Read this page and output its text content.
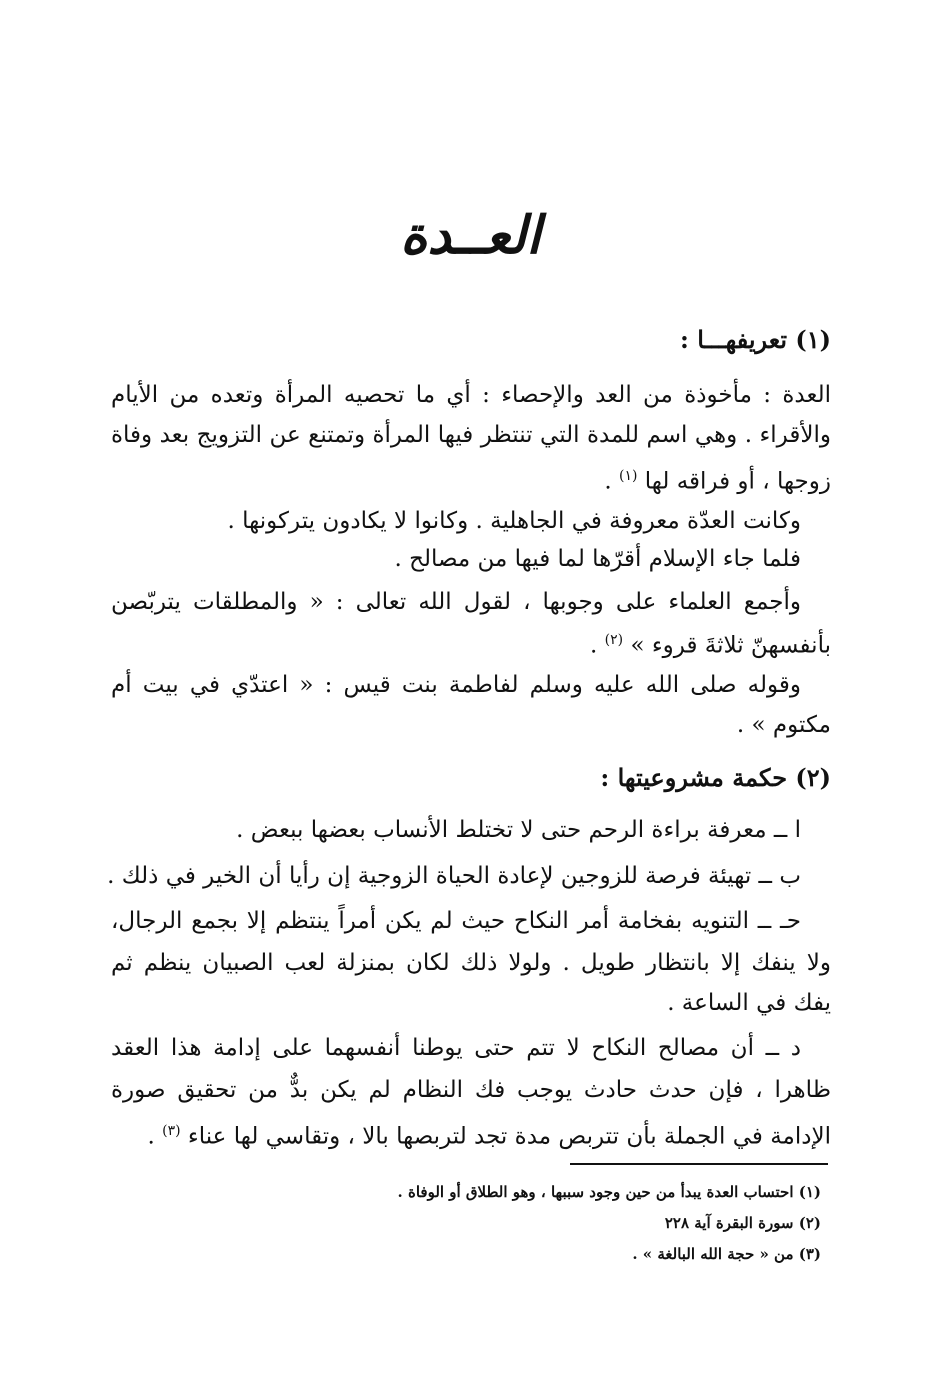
العــدة
(١) تعريفهـــا :
العدة : مأخوذة من العد والإحصاء : أي ما تحصيه المرأة وتعده من الأيام
والأقراء . وهي اسم للمدة التي تنتظر فيها المرأة وتمتنع عن التزويج بعد وفاة
زوجها ، أو فراقه لها $^{(١)}$ .
وكانت العدّة معروفة في الجاهلية . وكانوا لا يكادون يتركونها .
فلما جاء الإسلام أقرّها لما فيها من مصالح .
وأجمع العلماء على وجوبها ، لقول الله تعالى : « والمطلقات يتربّصن
بأنفسهنّ ثلاثةَ قروء » $^{(٢)}$ .
وقوله صلى الله عليه وسلم لفاطمة بنت قيس : « اعتدّي في بيت أم
مكتوم » .
(٢) حكمة مشروعيتها :
ا ــ معرفة براءة الرحم حتى لا تختلط الأنساب بعضها ببعض .
ب ــ تهيئة فرصة للزوجين لإعادة الحياة الزوجية إن رأيا أن الخير في ذلك .
حـ ــ التنويه بفخامة أمر النكاح حيث لم يكن أمراً ينتظم إلا بجمع الرجال،
ولا ينفك إلا بانتظار طويل . ولولا ذلك لكان بمنزلة لعب الصبيان ينظم ثم
يفك في الساعة .
د ــ أن مصالح النكاح لا تتم حتى يوطنا أنفسهما على إدامة هذا العقد
ظاهرا ، فإن حدث حادث يوجب فك النظام لم يكن بدٌّ من تحقيق صورة
الإدامة في الجملة بأن تتربص مدة تجد لتربصها بالا ، وتقاسي لها عناء $^{(٣)}$ .
(١) احتساب العدة يبدأ من حين وجود سببها ، وهو الطلاق أو الوفاة .
(٢) سورة البقرة آية ٢٢٨
(٣) من « حجة الله البالغة » .
